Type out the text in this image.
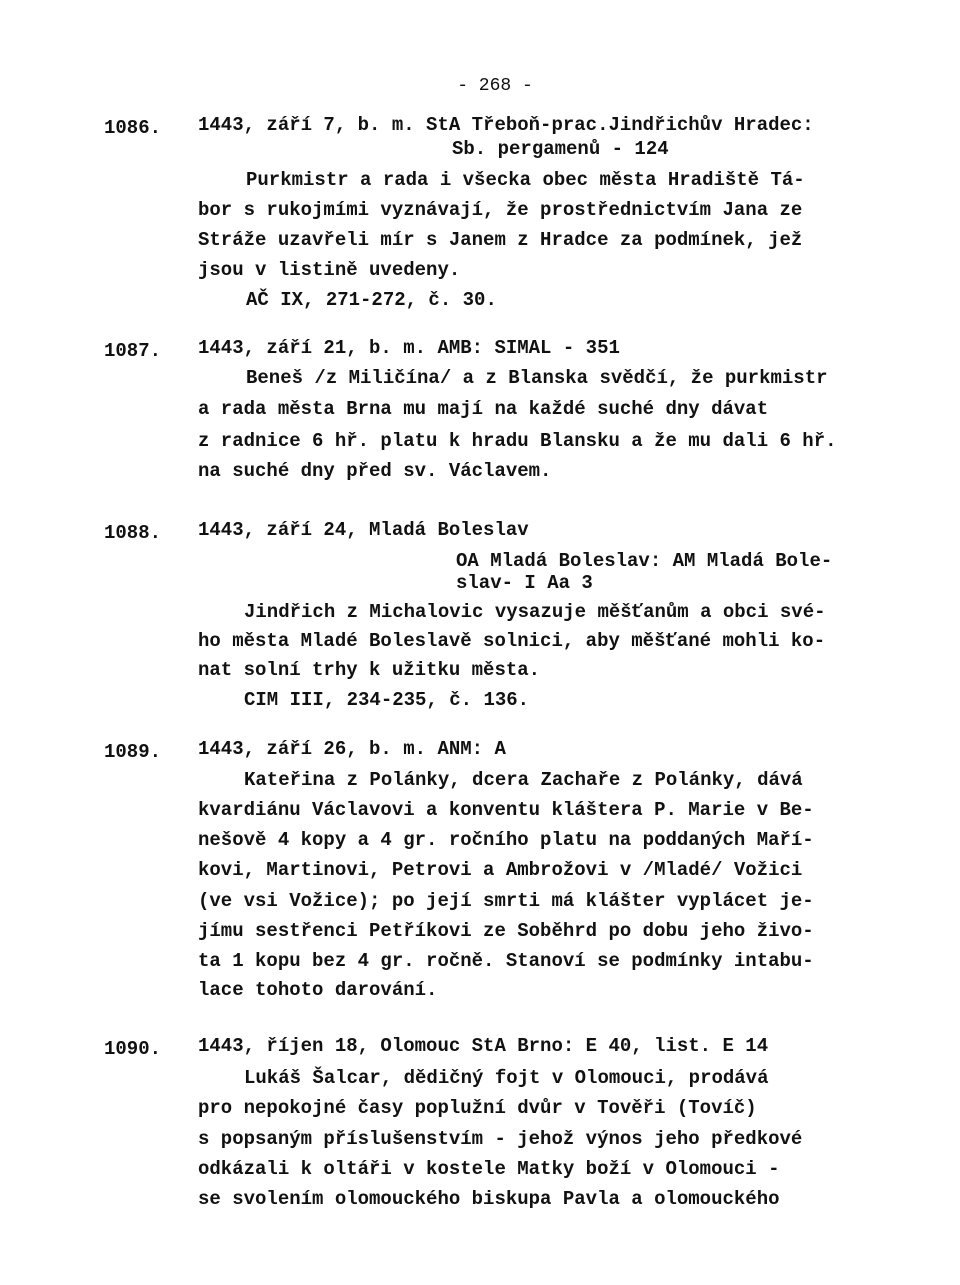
- 268 -
1086. 1443, září 7, b. m. StA Třeboň-prac.Jindřichův Hradec:
Sb. pergamenů - 124
Purkmistr a rada i všecka obec města Hradiště Tá-
bor s rukojmími vyznávají, že prostřednictvím Jana ze
Stráže uzavřeli mír s Janem z Hradce za podmínek, jež
jsou v listině uvedeny.
AČ IX, 271-272, č. 30.
1087. 1443, září 21, b. m. AMB: SIMAL - 351
Beneš /z Miličína/ a z Blanska svědčí, že purkmistr
a rada města Brna mu mají na každé suché dny dávat
z radnice 6 hř. platu k hradu Blansku a že mu dali 6 hř.
na suché dny před sv. Václavem.
1088. 1443, září 24, Mladá Boleslav
OA Mladá Boleslav: AM Mladá Bole-
slav- I Aa 3
Jindřich z Michalovic vysazuje měšťanům a obci své-
ho města Mladé Boleslavě solnici, aby měšťané mohli ko-
nat solní trhy k užitku města.
CIM III, 234-235, č. 136.
1089. 1443, září 26, b. m. ANM: A
Kateřina z Polánky, dcera Zachaře z Polánky, dává
kvardiánu Václavovi a konventu kláštera P. Marie v Be-
nešově 4 kopy a 4 gr. ročního platu na poddaných Maří-
kovi, Martinovi, Petrovi a Ambrožovi v /Mladé/ Vožici
(ve vsi Vožice); po její smrti má klášter vyplácet je-
jímu sestřenci Petříkovi ze Soběhrd po dobu jeho živo-
ta 1 kopu bez 4 gr. ročně. Stanoví se podmínky intabu-
lace tohoto darování.
1090. 1443, říjen 18, Olomouc StA Brno: E 40, list. E 14
Lukáš Šalcar, dědičný fojt v Olomouci, prodává
pro nepokojné časy poplužní dvůr v Tověři (Tovíč)
s popsaným příslušenstvím - jehož výnos jeho předkové
odkázali k oltáři v kostele Matky boží v Olomouci -
se svolením olomouckého biskupa Pavla a olomouckého
